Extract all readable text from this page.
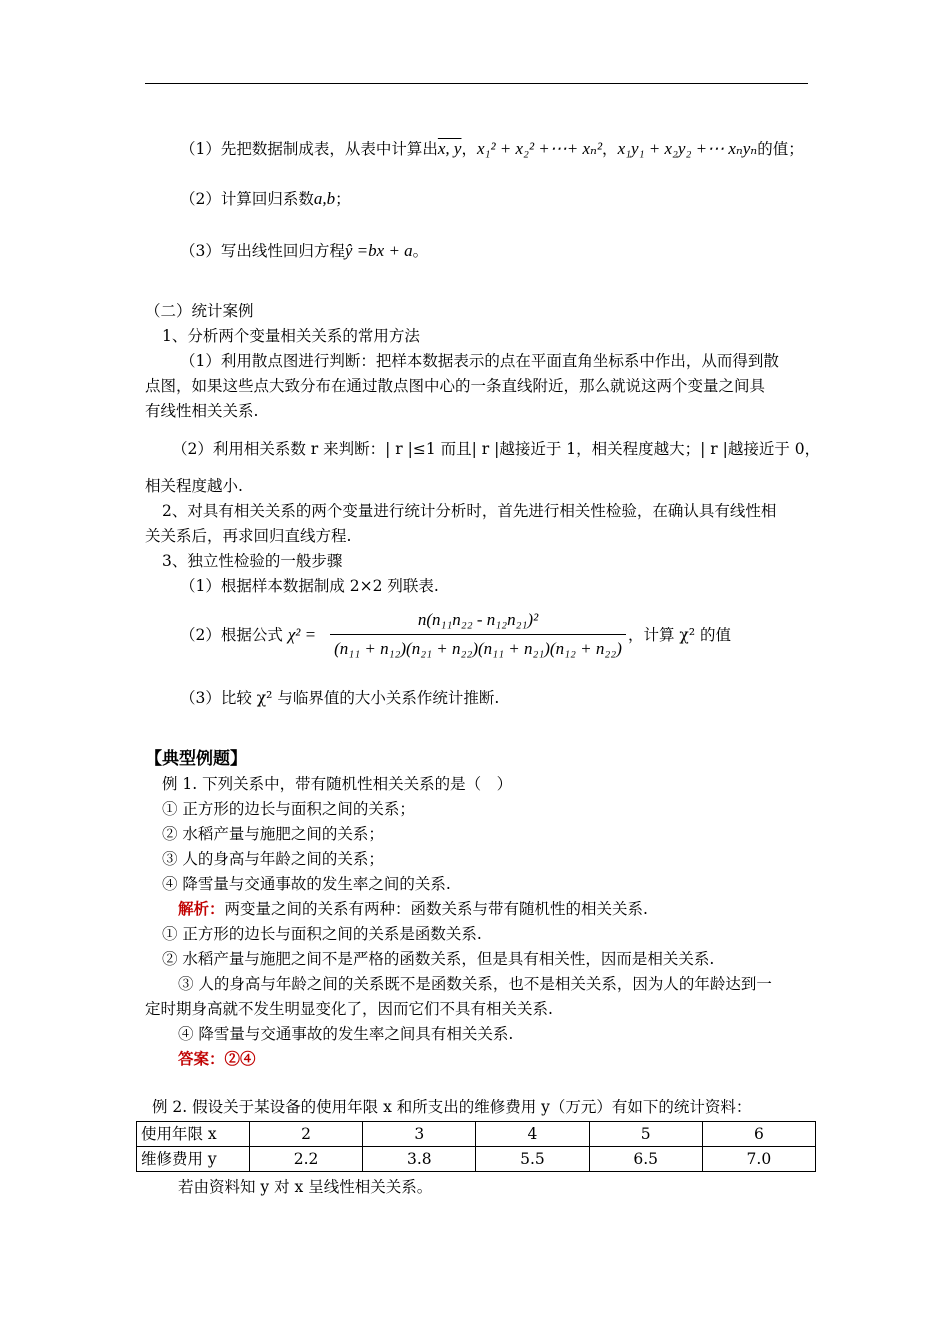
（1）先把数据制成表，从表中计算出x, y，x₁² + x₂² +⋯+ xₙ²，x₁y₁ + x₂y₂ +⋯ xₙyₙ的值；
（2）计算回归系数a,b；
（3）写出线性回归方程ŷ =bx + a。
（二）统计案例
1、分析两个变量相关关系的常用方法
（1）利用散点图进行判断：把样本数据表示的点在平面直角坐标系中作出，从而得到散
点图，如果这些点大致分布在通过散点图中心的一条直线附近，那么就说这两个变量之间具
有线性相关关系.
（2）利用相关系数 r 来判断：| r |≤1 而且| r |越接近于 1，相关程度越大；| r |越接近于 0，
相关程度越小.
2、对具有相关关系的两个变量进行统计分析时，首先进行相关性检验，在确认具有线性相
关关系后，再求回归直线方程.
3、独立性检验的一般步骤
（1）根据样本数据制成 2×2 列联表.
（2）根据公式 χ² =
n(n₁₁n₂₂ - n₁₂n₂₁)²
(n₁₁ + n₁₂)(n₂₁ + n₂₂)(n₁₁ + n₂₁)(n₁₂ + n₂₂)
，计算 χ² 的值
（3）比较 χ² 与临界值的大小关系作统计推断.
【典型例题】
例 1. 下列关系中，带有随机性相关关系的是（　）
① 正方形的边长与面积之间的关系；
② 水稻产量与施肥之间的关系；
③ 人的身高与年龄之间的关系；
④ 降雪量与交通事故的发生率之间的关系.
解析：两变量之间的关系有两种：函数关系与带有随机性的相关关系.
① 正方形的边长与面积之间的关系是函数关系.
② 水稻产量与施肥之间不是严格的函数关系，但是具有相关性，因而是相关关系.
③ 人的身高与年龄之间的关系既不是函数关系，也不是相关关系，因为人的年龄达到一
定时期身高就不发生明显变化了，因而它们不具有相关关系.
④ 降雪量与交通事故的发生率之间具有相关关系.
答案：②④
例 2. 假设关于某设备的使用年限 x 和所支出的维修费用 y（万元）有如下的统计资料：
使用年限 x	2	3	4	5	6
维修费用 y	2.2	3.8	5.5	6.5	7.0
若由资料知 y 对 x 呈线性相关关系。
